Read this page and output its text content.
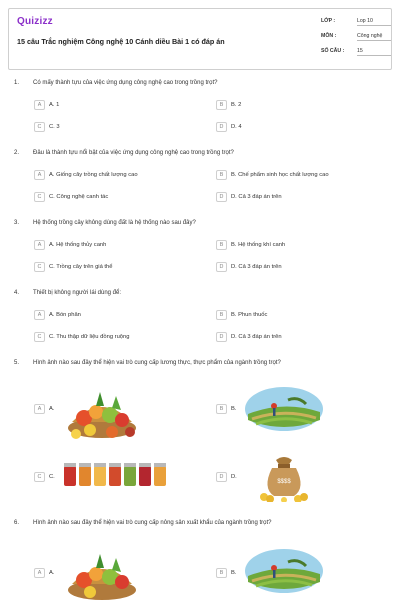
Quizizz
15 câu Trắc nghiệm Công nghệ 10 Cánh diều Bài 1 có đáp án
LỚP :	Lop 10
MÔN :	Công nghệ
SỐ CÂU : 15
1. Có mấy thành tựu của việc ứng dụng công nghệ cao trong trồng trọt?
A	A. 1	B	B. 2
C	C. 3	D	D. 4
2. Đâu là thành tựu nổi bật của việc ứng dụng công nghệ cao trong trồng trọt?
A	A. Giống cây trồng chất lượng cao	B	B. Chế phẩm sinh học chất lượng cao
C	C. Công nghệ canh tác	D	D. Cả 3 đáp án trên
3. Hệ thống trồng cây không dùng đất là hệ thống nào sau đây?
A	A. Hệ thống thủy canh	B	B. Hệ thống khí canh
C	C. Trồng cây trên giá thể	D	D. Cả 3 đáp án trên
4. Thiết bị không người lái dùng để:
A	A. Bón phân	B	B. Phun thuốc
C	C. Thu thập dữ liệu đồng ruộng	D	D. Cả 3 đáp án trên
5. Hình ảnh nào sau đây thể hiện vai trò cung cấp lương thực, thực phẩm của ngành trồng trọt?
A	A.	B	B.
C	C.	D	D.
$$$$
6. Hình ảnh nào sau đây thể hiện vai trò cung cấp nông sản xuất khẩu của ngành trồng trọt?
A	A.	B	B.
